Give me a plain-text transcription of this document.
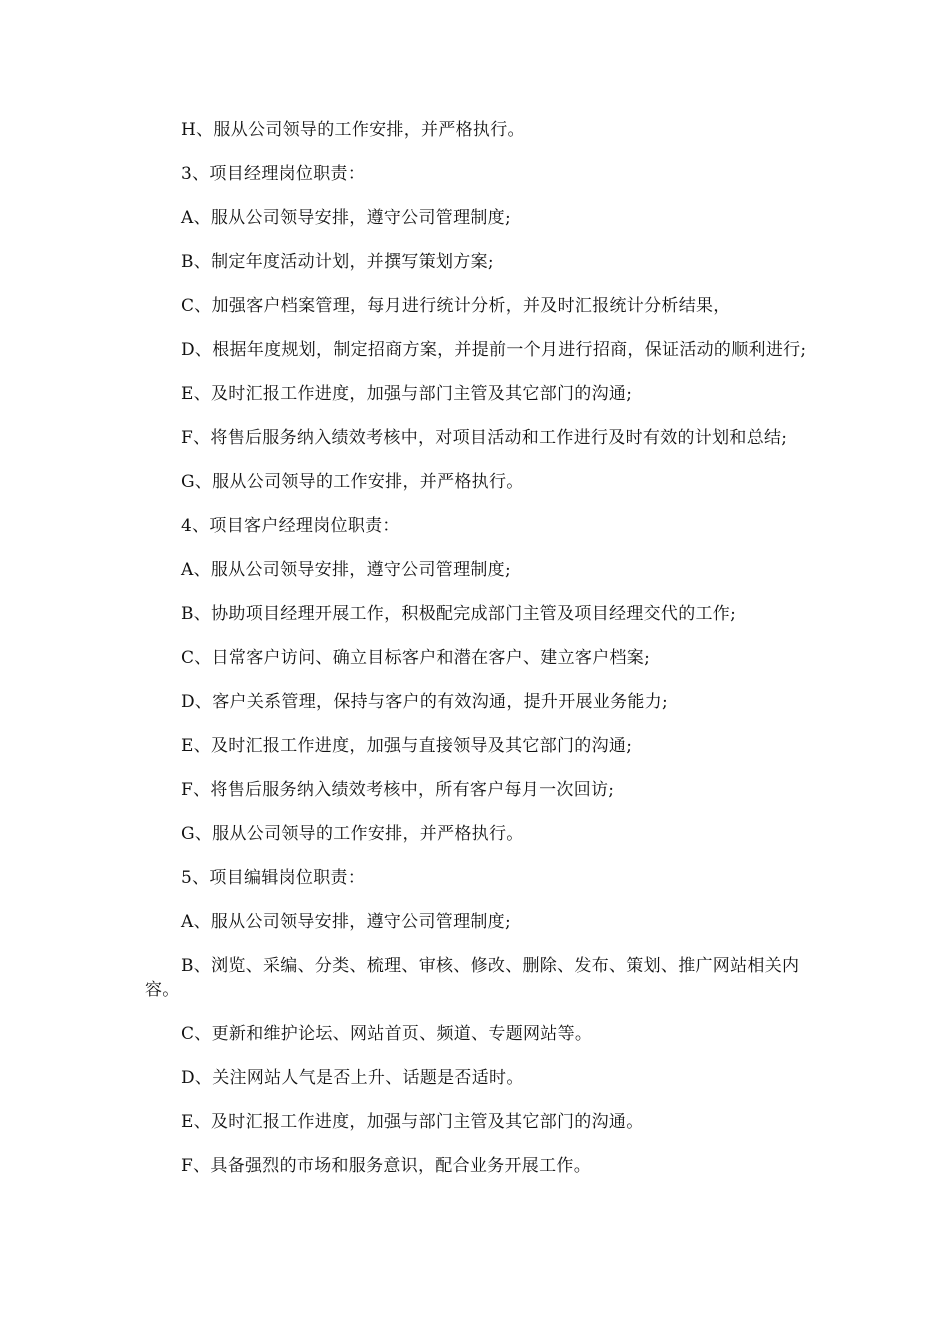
H、服从公司领导的工作安排，并严格执行。

3、项目经理岗位职责：

A、服从公司领导安排，遵守公司管理制度;

B、制定年度活动计划，并撰写策划方案;

C、加强客户档案管理，每月进行统计分析，并及时汇报统计分析结果，

D、根据年度规划，制定招商方案，并提前一个月进行招商，保证活动的顺利进行;

E、及时汇报工作进度，加强与部门主管及其它部门的沟通;

F、将售后服务纳入绩效考核中，对项目活动和工作进行及时有效的计划和总结;

G、服从公司领导的工作安排，并严格执行。

4、项目客户经理岗位职责：

A、服从公司领导安排，遵守公司管理制度;

B、协助项目经理开展工作，积极配完成部门主管及项目经理交代的工作;

C、日常客户访问、确立目标客户和潜在客户、建立客户档案;

D、客户关系管理，保持与客户的有效沟通，提升开展业务能力;

E、及时汇报工作进度，加强与直接领导及其它部门的沟通;

F、将售后服务纳入绩效考核中，所有客户每月一次回访;

G、服从公司领导的工作安排，并严格执行。

5、项目编辑岗位职责：

A、服从公司领导安排，遵守公司管理制度;

B、浏览、采编、分类、梳理、审核、修改、删除、发布、策划、推广网站相关内容。

C、更新和维护论坛、网站首页、频道、专题网站等。

D、关注网站人气是否上升、话题是否适时。

E、及时汇报工作进度，加强与部门主管及其它部门的沟通。

F、具备强烈的市场和服务意识，配合业务开展工作。
